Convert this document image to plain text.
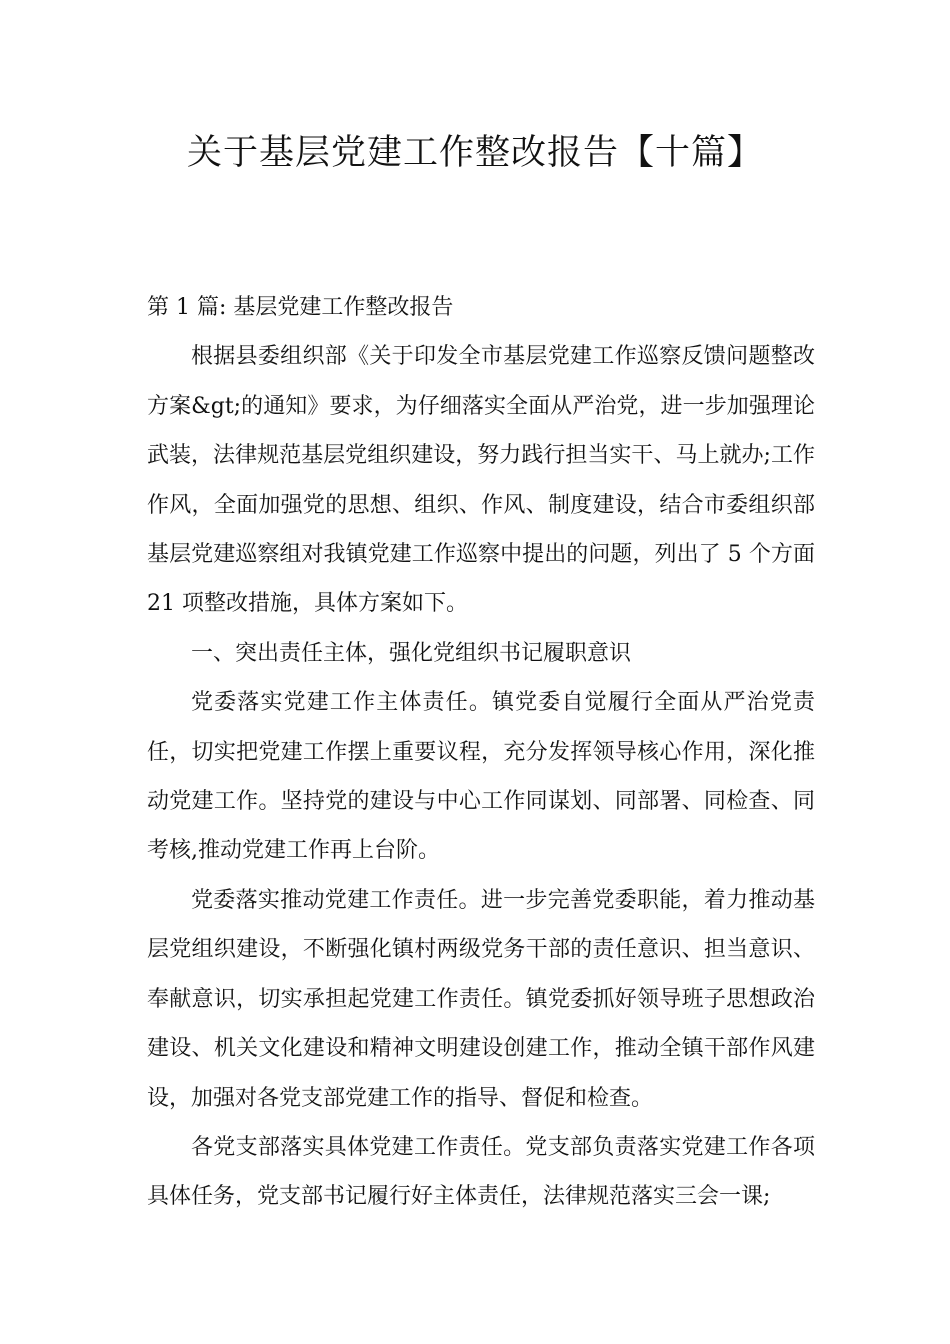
关于基层党建工作整改报告【十篇】

第 1 篇: 基层党建工作整改报告

根据县委组织部《关于印发全市基层党建工作巡察反馈问题整改方案&gt;的通知》要求，为仔细落实全面从严治党，进一步加强理论武装，法律规范基层党组织建设，努力践行担当实干、马上就办;工作作风，全面加强党的思想、组织、作风、制度建设，结合市委组织部基层党建巡察组对我镇党建工作巡察中提出的问题，列出了 5 个方面 21 项整改措施，具体方案如下。

一、突出责任主体，强化党组织书记履职意识

党委落实党建工作主体责任。镇党委自觉履行全面从严治党责任，切实把党建工作摆上重要议程，充分发挥领导核心作用，深化推动党建工作。坚持党的建设与中心工作同谋划、同部署、同检查、同考核,推动党建工作再上台阶。

党委落实推动党建工作责任。进一步完善党委职能，着力推动基层党组织建设，不断强化镇村两级党务干部的责任意识、担当意识、奉献意识，切实承担起党建工作责任。镇党委抓好领导班子思想政治建设、机关文化建设和精神文明建设创建工作，推动全镇干部作风建设，加强对各党支部党建工作的指导、督促和检查。

各党支部落实具体党建工作责任。党支部负责落实党建工作各项具体任务，党支部书记履行好主体责任，法律规范落实三会一课;
